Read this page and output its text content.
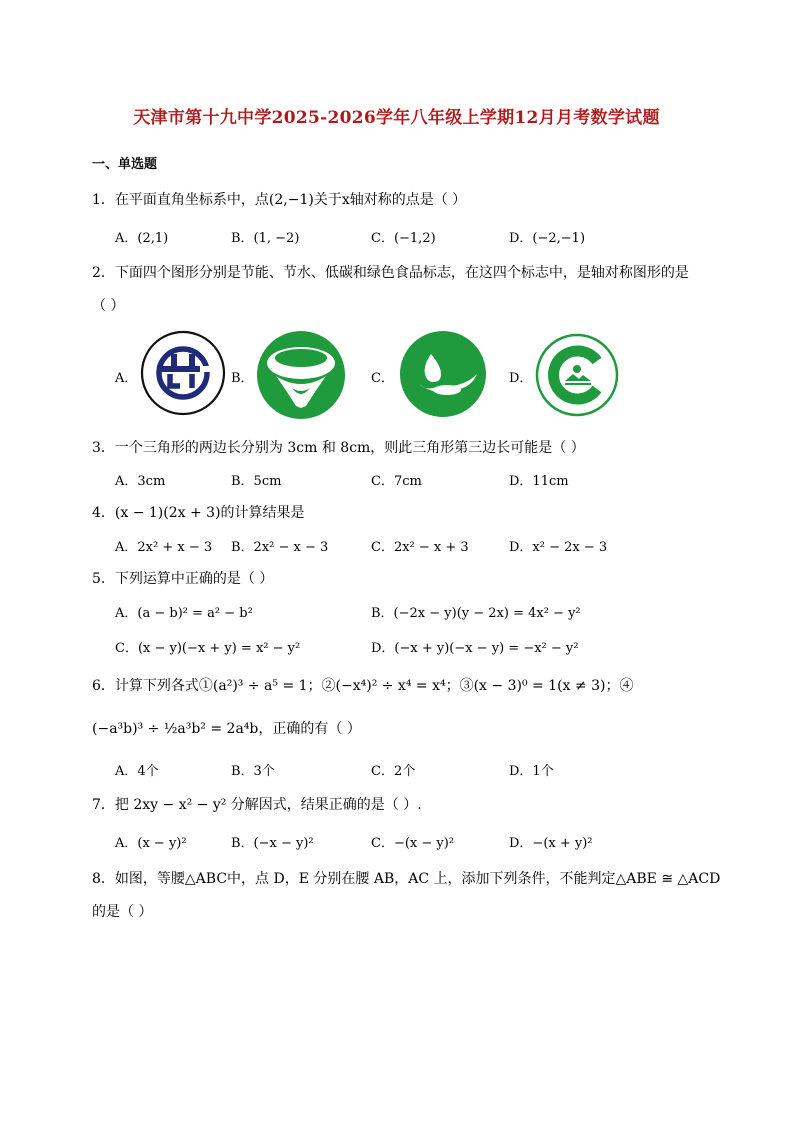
天津市第十九中学2025-2026学年八年级上学期12月月考数学试题
一、单选题
1．在平面直角坐标系中，点(2,−1)关于x轴对称的点是（ ）
A．(2,1)	B．(1, −2)	C．(−1,2)	D．(−2,−1)
2．下面四个图形分别是节能、节水、低碳和绿色食品标志，在这四个标志中，是轴对称图形的是
（ ）
A．	B．	C．	D．
3．一个三角形的两边长分别为 3cm 和 8cm，则此三角形第三边长可能是（ ）
A．3cm	B．5cm	C．7cm	D．11cm
4．(x − 1)(2x + 3)的计算结果是
A．2x² + x − 3 B．2x² − x − 3	C．2x² − x + 3	D．x² − 2x − 3
5．下列运算中正确的是（ ）
A．(a − b)² = a² − b²	B．(−2x − y)(y − 2x) = 4x² − y²
C．(x − y)(−x + y) = x² − y²	D．(−x + y)(−x − y) = −x² − y²
6．计算下列各式①(a²)³ ÷ a⁵ = 1；②(−x⁴)² ÷ x⁴ = x⁴；③(x − 3)⁰ = 1(x ≠ 3)；④
(−a³b)³ ÷ ½a³b² = 2a⁴b，正确的有（ ）
A．4个	B．3个	C．2个	D．1个
7．把 2xy − x² − y² 分解因式，结果正确的是（ ）.
A．(x − y)²	B．(−x − y)²	C．−(x − y)²	D．−(x + y)²
8．如图，等腰△ABC中，点 D，E 分别在腰 AB，AC 上，添加下列条件，不能判定△ABE ≅ △ACD
的是（ ）
